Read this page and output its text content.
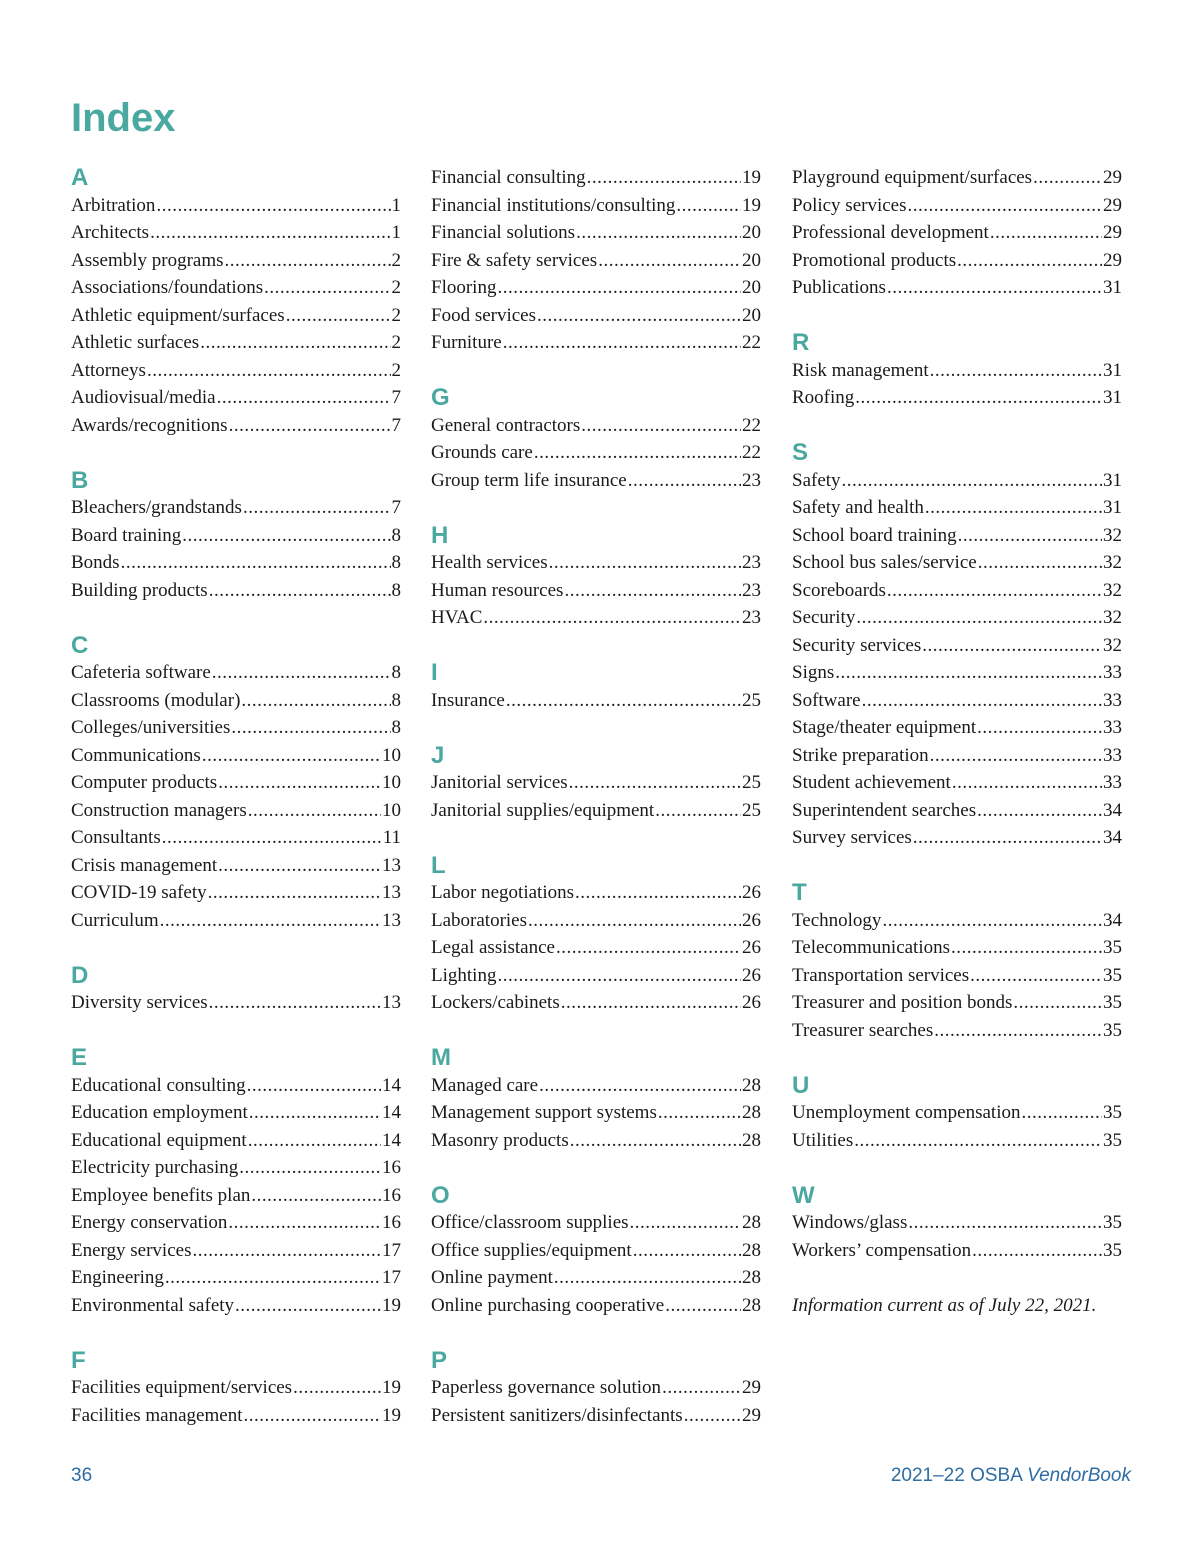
Index
A
Arbitration .....	1
Architects .....	1
Assembly programs .....	2
Associations/foundations .....	2
Athletic equipment/surfaces .....	2
Athletic surfaces .....	2
Attorneys .....	2
Audiovisual/media .....	7
Awards/recognitions .....	7
B
Bleachers/grandstands .....	7
Board training .....	8
Bonds .....	8
Building products .....	8
C
Cafeteria software .....	8
Classrooms (modular) .....	8
Colleges/universities .....	8
Communications .....	10
Computer products .....	10
Construction managers .....	10
Consultants .....	11
Crisis management .....	13
COVID-19 safety .....	13
Curriculum .....	13
D
Diversity services .....	13
E
Educational consulting .....	14
Education employment .....	14
Educational equipment .....	14
Electricity purchasing .....	16
Employee benefits plan .....	16
Energy conservation .....	16
Energy services .....	17
Engineering .....	17
Environmental safety .....	19
F
Facilities equipment/services .....	19
Facilities management .....	19
Financial consulting .....	19
Financial institutions/consulting .....	19
Financial solutions .....	20
Fire & safety services .....	20
Flooring .....	20
Food services .....	20
Furniture .....	22
G
General contractors .....	22
Grounds care .....	22
Group term life insurance .....	23
H
Health services .....	23
Human resources .....	23
HVAC .....	23
I
Insurance .....	25
J
Janitorial services .....	25
Janitorial supplies/equipment .....	25
L
Labor negotiations .....	26
Laboratories .....	26
Legal assistance .....	26
Lighting .....	26
Lockers/cabinets .....	26
M
Managed care .....	28
Management support systems .....	28
Masonry products .....	28
O
Office/classroom supplies .....	28
Office supplies/equipment .....	28
Online payment .....	28
Online purchasing cooperative .....	28
P
Paperless governance solution .....	29
Persistent sanitizers/disinfectants .....	29
Playground equipment/surfaces .....	29
Policy services .....	29
Professional development .....	29
Promotional products .....	29
Publications .....	31
R
Risk management .....	31
Roofing .....	31
S
Safety .....	31
Safety and health .....	31
School board training .....	32
School bus sales/service .....	32
Scoreboards .....	32
Security .....	32
Security services .....	32
Signs .....	33
Software .....	33
Stage/theater equipment .....	33
Strike preparation .....	33
Student achievement .....	33
Superintendent searches .....	34
Survey services .....	34
T
Technology .....	34
Telecommunications .....	35
Transportation services .....	35
Treasurer and position bonds .....	35
Treasurer searches .....	35
U
Unemployment compensation .....	35
Utilities .....	35
W
Windows/glass .....	35
Workers’ compensation .....	35
Information current as of July 22, 2021.
36	2021–22 OSBA VendorBook
